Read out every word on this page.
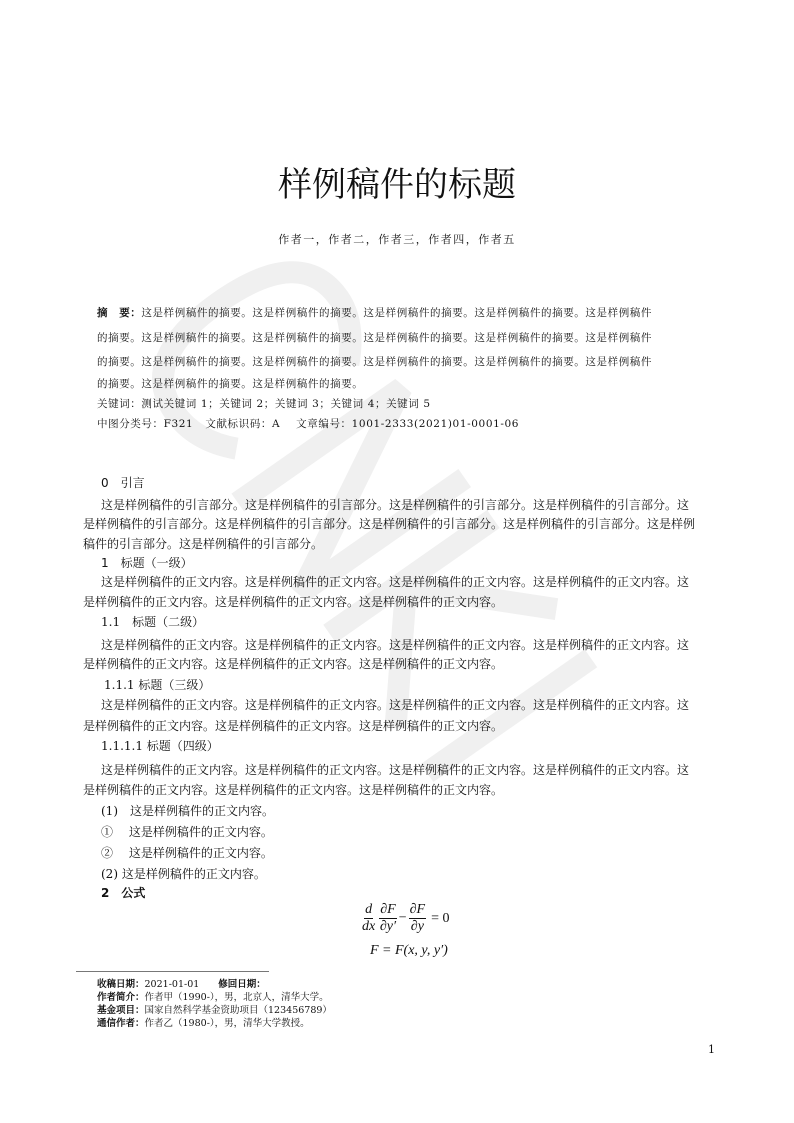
样例稿件的标题
作者一，作者二，作者三，作者四，作者五
摘　要：这是样例稿件的摘要。这是样例稿件的摘要。这是样例稿件的摘要。这是样例稿件的摘要。这是样例稿件
的摘要。这是样例稿件的摘要。这是样例稿件的摘要。这是样例稿件的摘要。这是样例稿件的摘要。这是样例稿件
的摘要。这是样例稿件的摘要。这是样例稿件的摘要。这是样例稿件的摘要。这是样例稿件的摘要。这是样例稿件
的摘要。这是样例稿件的摘要。这是样例稿件的摘要。
关键词：测试关键词 1；关键词 2；关键词 3；关键词 4；关键词 5
中图分类号：F321 文献标识码：A 文章编号：1001-2333(2021)01-0001-06
0　引言
这是样例稿件的引言部分。这是样例稿件的引言部分。这是样例稿件的引言部分。这是样例稿件的引言部分。这
是样例稿件的引言部分。这是样例稿件的引言部分。这是样例稿件的引言部分。这是样例稿件的引言部分。这是样例
稿件的引言部分。这是样例稿件的引言部分。
1　标题（一级）
这是样例稿件的正文内容。这是样例稿件的正文内容。这是样例稿件的正文内容。这是样例稿件的正文内容。这
是样例稿件的正文内容。这是样例稿件的正文内容。这是样例稿件的正文内容。
1.1　标题（二级）
这是样例稿件的正文内容。这是样例稿件的正文内容。这是样例稿件的正文内容。这是样例稿件的正文内容。这
是样例稿件的正文内容。这是样例稿件的正文内容。这是样例稿件的正文内容。
1.1.1 标题（三级）
这是样例稿件的正文内容。这是样例稿件的正文内容。这是样例稿件的正文内容。这是样例稿件的正文内容。这
是样例稿件的正文内容。这是样例稿件的正文内容。这是样例稿件的正文内容。
1.1.1.1 标题（四级）
这是样例稿件的正文内容。这是样例稿件的正文内容。这是样例稿件的正文内容。这是样例稿件的正文内容。这
是样例稿件的正文内容。这是样例稿件的正文内容。这是样例稿件的正文内容。
(1)　这是样例稿件的正文内容。
①　 这是样例稿件的正文内容。
②　 这是样例稿件的正文内容。
(2) 这是样例稿件的正文内容。
2　公式
$\frac{d}{dx} \frac{\partial F}{\partial y'} - \frac{\partial F}{\partial y} = 0$
F = F(x, y, y′)
收稿日期：2021-01-01　　修回日期：
作者简介：作者甲（1990-），男，北京人，清华大学。
基金项目：国家自然科学基金资助项目（123456789）
通信作者：作者乙（1980-），男，清华大学教授。
1
